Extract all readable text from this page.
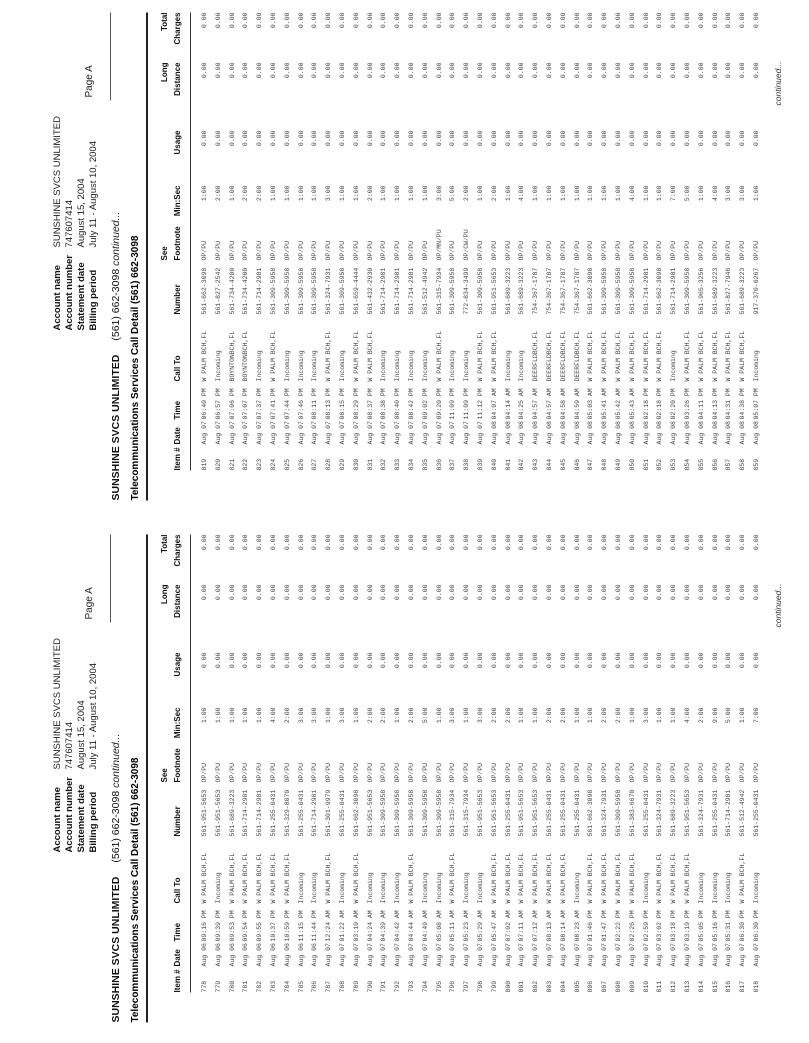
Account name
SUNSHINE SVCS UNLIMITED
Account number
747607414
Statement date
August 15, 2004
Billing period
July 11 - August 10, 2004
Page A
SUNSHINE SVCS UNLIMITED(561) 662-3098 continued... Telecommunications Services Call Detail (561) 662-3098 See
Long
Total
Item #
Date
Time
Call To
Number
Footnote
Min:Sec
Usage
Distance
Charges
819
Aug 07
06:40 PM
W PALM BCH,FL
561-662-3098
OP/PU
1:00
0.00
0.00
0.00
820
Aug 07
06:57 PM
Incoming
561-827-2542
OP/PU
2:00
0.00
0.00
0.00
821
Aug 07
07:06 PM
BOYNTONBCH,FL
561-734-4200
OP/PU
1:00
0.00
0.00
0.00
822
Aug 07
07:07 PM
BOYNTONBCH,FL
561-734-4200
OP/PU
2:00
0.00
0.00
0.00
823
Aug 07
07:37 PM
Incoming
561-714-2981
OP/PU
2:00
0.00
0.00
0.00
824
Aug 07
07:41 PM
W PALM BCH,FL
561-309-5958
OP/PU
1:00
0.00
0.00
0.00
825
Aug 07
07:44 PM
Incoming
561-309-5958
OP/PU
1:00
0.00
0.00
0.00
826
Aug 07
07:46 PM
Incoming
561-309-5958
OP/PU
1:00
0.00
0.00
0.00
827
Aug 07
08:11 PM
Incoming
561-309-5958
OP/PU
1:00
0.00
0.00
0.00
828
Aug 07
08:13 PM
W PALM BCH,FL
561-324-7931
OP/PU
3:00
0.00
0.00
0.00
829
Aug 07
08:15 PM
Incoming
561-309-5958
OP/PU
1:00
0.00
0.00
0.00
830
Aug 07
08:29 PM
W PALM BCH,FL
561-659-4444
OP/PU
1:00
0.00
0.00
0.00
831
Aug 07
08:37 PM
W PALM BCH,FL
561-432-2930
OP/PU
2:00
0.00
0.00
0.00
832
Aug 07
08:38 PM
Incoming
561-714-2981
OP/PU
1:00
0.00
0.00
0.00
833
Aug 07
08:40 PM
Incoming
561-714-2981
OP/PU
1:00
0.00
0.00
0.00
834
Aug 07
08:42 PM
Incoming
561-714-2981
OP/PU
1:00
0.00
0.00
0.00
835
Aug 07
09:02 PM
Incoming
561-512-4942
OP/PU
1:00
0.00
0.00
0.00
836
Aug 07
09:20 PM
W PALM BCH,FL
561-315-7934
OP/MN/PU
3:00
0.00
0.00
0.00
837
Aug 07
11:09 PM
Incoming
561-309-5958
OP/PU
5:00
0.00
0.00
0.00
838
Aug 07
11:09 PM
Incoming
772-834-3499
OP/CW/PU
2:00
0.00
0.00
0.00
839
Aug 07
11:12 PM
W PALM BCH,FL
561-309-5958
OP/PU
1:00
0.00
0.00
0.00
840
Aug 08
04:07 AM
W PALM BCH,FL
561-951-5653
OP/PU
2:00
0.00
0.00
0.00
841
Aug 08
04:14 AM
Incoming
561-689-3223
OP/PU
1:00
0.00
0.00
0.00
842
Aug 08
04:25 AM
Incoming
561-689-3223
OP/PU
4:00
0.00
0.00
0.00
843
Aug 08
04:57 AM
DEERFLDBCH,FL
754-367-1787
OP/PU
1:00
0.00
0.00
0.00
844
Aug 08
04:57 AM
DEERFLDBCH,FL
754-367-1787
OP/PU
1:00
0.00
0.00
0.00
845
Aug 08
04:58 AM
DEERFLDBCH,FL
754-367-1787
OP/PU
1:00
0.00
0.00
0.00
846
Aug 08
04:59 AM
DEERFLDBCH,FL
754-367-1787
OP/PU
1:00
0.00
0.00
0.00
847
Aug 08
05:03 AM
W PALM BCH,FL
561-662-3098
OP/PU
1:00
0.00
0.00
0.00
848
Aug 08
05:41 AM
W PALM BCH,FL
561-309-5958
OP/PU
1:00
0.00
0.00
0.00
849
Aug 08
05:42 AM
W PALM BCH,FL
561-309-5958
OP/PU
1:00
0.00
0.00
0.00
850
Aug 08
05:43 AM
W PALM BCH,FL
561-309-5958
OP/PU
4:00
0.00
0.00
0.00
851
Aug 08
02:18 PM
W PALM BCH,FL
561-714-2981
OP/PU
1:00
0.00
0.00
0.00
852
Aug 08
02:18 PM
W PALM BCH,FL
561-662-3098
OP/PU
1:00
0.00
0.00
0.00
853
Aug 08
02:20 PM
Incoming
561-714-2981
OP/PU
7:00
0.00
0.00
0.00
854
Aug 08
03:26 PM
W PALM BCH,FL
561-309-5958
OP/PU
5:00
0.00
0.00
0.00
855
Aug 08
04:11 PM
W PALM BCH,FL
561-965-3256
OP/PU
1:00
0.00
0.00
0.00
856
Aug 08
04:13 PM
W PALM BCH,FL
561-689-3223
OP/PU
4:00
0.00
0.00
0.00
857
Aug 08
04:31 PM
W PALM BCH,FL
561-827-7946
OP/PU
3:00
0.00
0.00
0.00
858
Aug 08
04:38 PM
W PALM BCH,FL
561-689-3223
OP/PU
3:00
0.00
0.00
0.00
859
Aug 08
05:07 PM
Incoming
917-370-0267
OP/PU
1:00
0.00
0.00
0.00
continued...
Account name
SUNSHINE SVCS UNLIMITED
Account number
747607414
Statement date
August 15, 2004
Billing period
July 11 - August 10, 2004
Page A
SUNSHINE SVCS UNLIMITED(561) 662-3098 continued... Telecommunications Services Call Detail (561) 662-3098 See
Long
Total
Item #
Date
Time
Call To
Number
Footnote
Min:Sec
Usage
Distance
Charges
778
Aug 06
09:16 PM
W PALM BCH,FL
561-951-5653
OP/PU
1:00
0.00
0.00
0.00
779
Aug 06
09:39 PM
Incoming
561-951-5653
OP/PU
1:00
0.00
0.00
0.00
780
Aug 06
09:53 PM
W PALM BCH,FL
561-689-3223
OP/PU
1:00
0.00
0.00
0.00
781
Aug 06
09:54 PM
W PALM BCH,FL
561-714-2981
OP/PU
1:00
0.00
0.00
0.00
782
Aug 06
09:55 PM
W PALM BCH,FL
561-714-2981
OP/PU
1:00
0.00
0.00
0.00
783
Aug 06
10:37 PM
W PALM BCH,FL
561-255-0431
OP/PU
4:00
0.00
0.00
0.00
784
Aug 06
10:59 PM
W PALM BCH,FL
561-329-8070
OP/PU
2:00
0.00
0.00
0.00
785
Aug 06
11:15 PM
Incoming
561-255-0431
OP/PU
3:00
0.00
0.00
0.00
786
Aug 06
11:44 PM
Incoming
561-714-2981
OP/PU
3:00
0.00
0.00
0.00
787
Aug 07
12:24 AM
W PALM BCH,FL
561-301-9979
OP/PU
1:00
0.00
0.00
0.00
788
Aug 07
01:22 AM
Incoming
561-255-0431
OP/PU
3:00
0.00
0.00
0.00
789
Aug 07
03:10 AM
W PALM BCH,FL
561-662-3098
OP/PU
1:00
0.00
0.00
0.00
790
Aug 07
04:24 AM
Incoming
561-951-5653
OP/PU
2:00
0.00
0.00
0.00
791
Aug 07
04:39 AM
Incoming
561-309-5958
OP/PU
2:00
0.00
0.00
0.00
792
Aug 07
04:42 AM
Incoming
561-309-5958
OP/PU
1:00
0.00
0.00
0.00
793
Aug 07
04:44 AM
W PALM BCH,FL
561-309-5958
OP/PU
2:00
0.00
0.00
0.00
794
Aug 07
04:49 AM
Incoming
561-309-5958
OP/PU
5:00
0.00
0.00
0.00
795
Aug 07
05:08 AM
Incoming
561-309-5958
OP/PU
1:00
0.00
0.00
0.00
796
Aug 07
05:11 AM
W PALM BCH,FL
561-315-7934
OP/PU
3:00
0.00
0.00
0.00
797
Aug 07
05:23 AM
Incoming
561-315-7934
OP/PU
1:00
0.00
0.00
0.00
798
Aug 07
05:29 AM
Incoming
561-951-5653
OP/PU
3:00
0.00
0.00
0.00
799
Aug 07
05:47 AM
W PALM BCH,FL
561-951-5653
OP/PU
2:00
0.00
0.00
0.00
800
Aug 07
07:02 AM
W PALM BCH,FL
561-255-0431
OP/PU
2:00
0.00
0.00
0.00
801
Aug 07
07:11 AM
W PALM BCH,FL
561-951-5653
OP/PU
1:00
0.00
0.00
0.00
802
Aug 07
07:12 AM
W PALM BCH,FL
561-951-5653
OP/PU
1:00
0.00
0.00
0.00
803
Aug 07
08:13 AM
W PALM BCH,FL
561-255-0431
OP/PU
2:00
0.00
0.00
0.00
804
Aug 07
08:14 AM
W PALM BCH,FL
561-255-0431
OP/PU
2:00
0.00
0.00
0.00
805
Aug 07
08:23 AM
Incoming
561-255-0431
OP/PU
1:00
0.00
0.00
0.00
806
Aug 07
01:46 PM
W PALM BCH,FL
561-662-3098
OP/PU
1:00
0.00
0.00
0.00
807
Aug 07
01:47 PM
W PALM BCH,FL
561-324-7931
OP/PU
2:00
0.00
0.00
0.00
808
Aug 07
02:22 PM
W PALM BCH,FL
561-309-5958
OP/PU
2:00
0.00
0.00
0.00
809
Aug 07
02:26 PM
W PALM BCH,FL
561-383-6670
OP/PU
1:00
0.00
0.00
0.00
810
Aug 07
02:59 PM
Incoming
561-255-0431
OP/PU
3:00
0.00
0.00
0.00
811
Aug 07
03:02 PM
W PALM BCH,FL
561-324-7931
OP/PU
1:00
0.00
0.00
0.00
812
Aug 07
03:18 PM
W PALM BCH,FL
561-689-3223
OP/PU
1:00
0.00
0.00
0.00
813
Aug 07
03:19 PM
W PALM BCH,FL
561-951-5653
OP/PU
4:00
0.00
0.00
0.00
814
Aug 07
05:05 PM
Incoming
561-324-7931
OP/PU
2:00
0.00
0.00
0.00
815
Aug 07
05:16 PM
Incoming
561-255-0431
OP/PU
9:00
0.00
0.00
0.00
816
Aug 07
05:31 PM
Incoming
561-714-2981
OP/PU
5:00
0.00
0.00
0.00
817
Aug 07
06:30 PM
W PALM BCH,FL
561-512-4942
OP/PU
1:00
0.00
0.00
0.00
818
Aug 07
06:30 PM
Incoming
561-255-0431
OP/PU
7:00
0.00
0.00
0.00
continued...
